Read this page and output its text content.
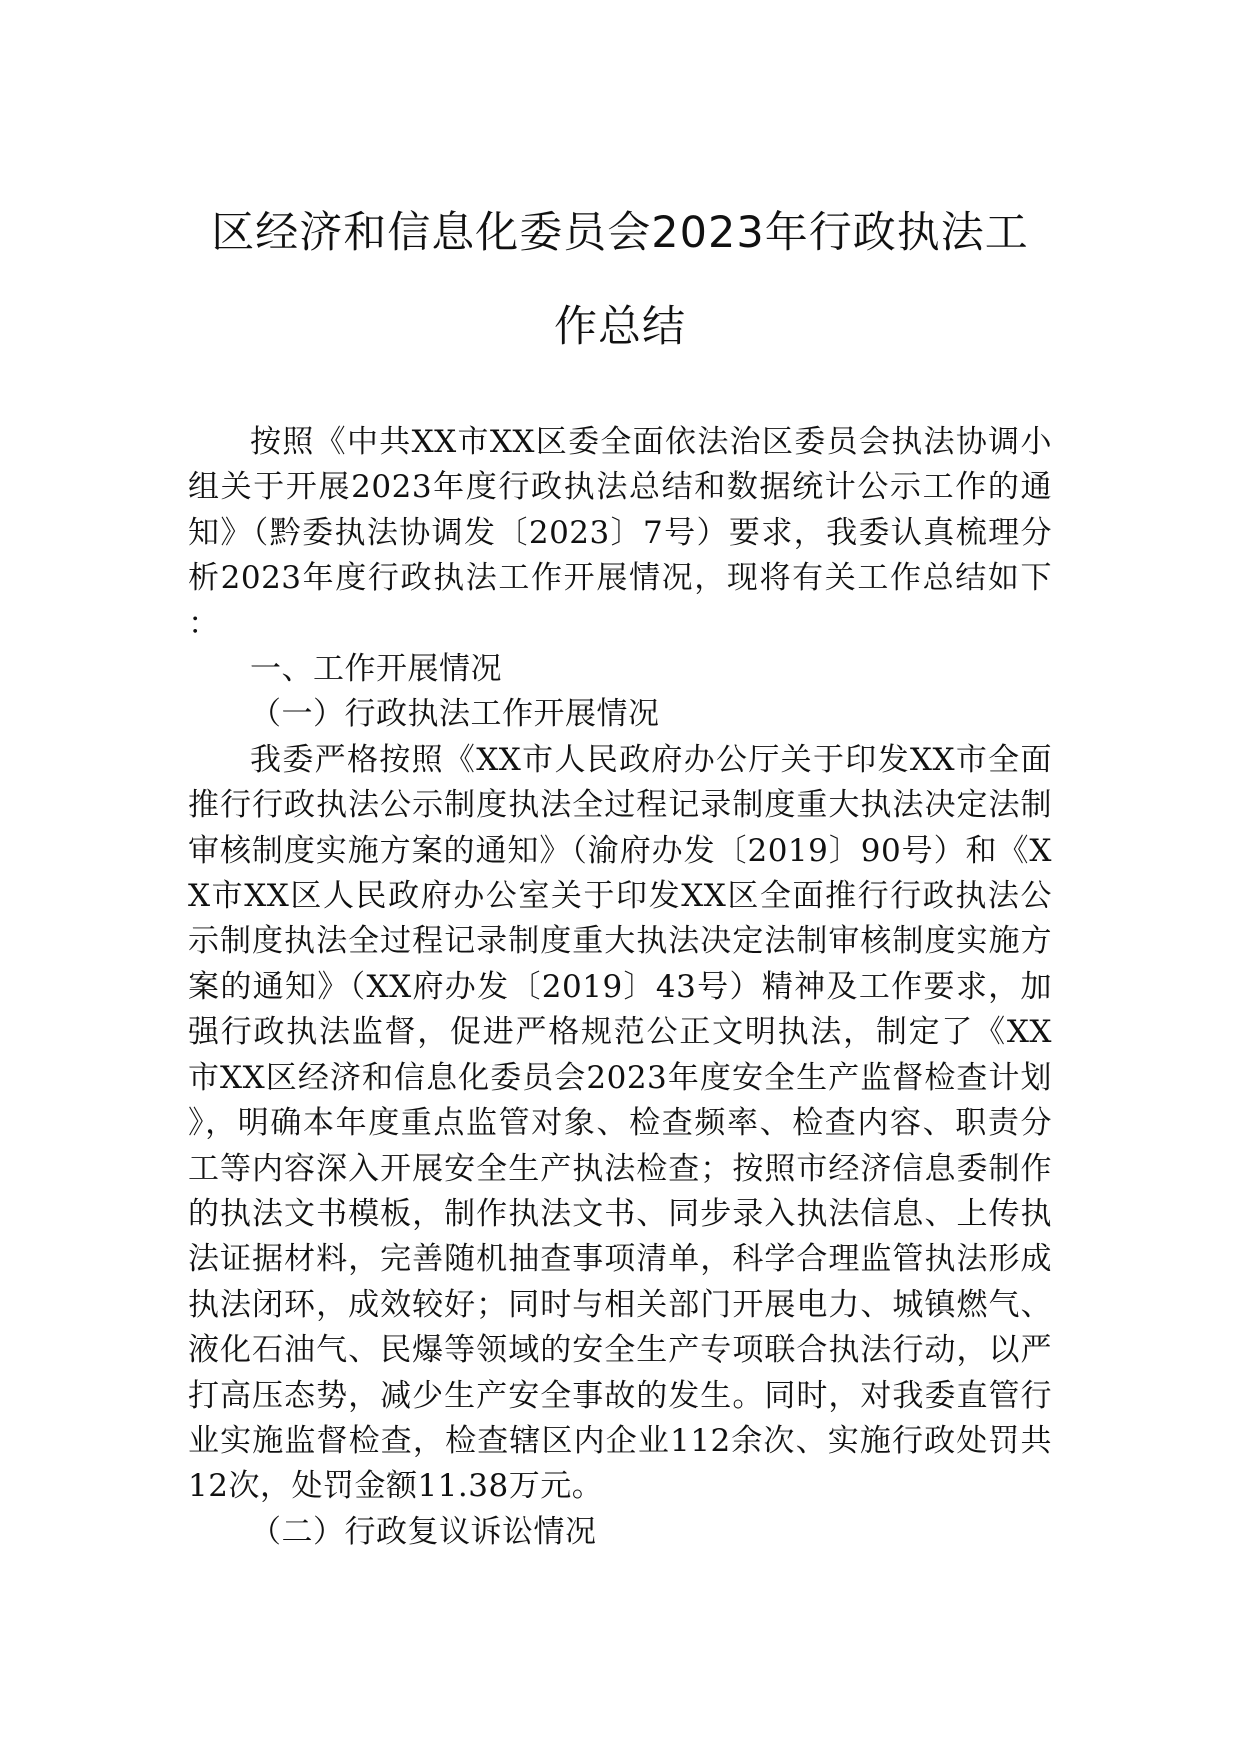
区经济和信息化委员会2023年行政执法工
作总结

按照《中共XX市XX区委全面依法治区委员会执法协调小组关于开展2023年度行政执法总结和数据统计公示工作的通知》（黔委执法协调发〔2023〕7号）要求，我委认真梳理分析2023年度行政执法工作开展情况，现将有关工作总结如下：

一、工作开展情况

（一）行政执法工作开展情况

我委严格按照《XX市人民政府办公厅关于印发XX市全面推行行政执法公示制度执法全过程记录制度重大执法决定法制审核制度实施方案的通知》（渝府办发〔2019〕90号）和《XX市XX区人民政府办公室关于印发XX区全面推行行政执法公示制度执法全过程记录制度重大执法决定法制审核制度实施方案的通知》（XX府办发〔2019〕43号）精神及工作要求，加强行政执法监督，促进严格规范公正文明执法，制定了《XX市XX区经济和信息化委员会2023年度安全生产监督检查计划》，明确本年度重点监管对象、检查频率、检查内容、职责分工等内容深入开展安全生产执法检查；按照市经济信息委制作的执法文书模板，制作执法文书、同步录入执法信息、上传执法证据材料，完善随机抽查事项清单，科学合理监管执法形成执法闭环，成效较好；同时与相关部门开展电力、城镇燃气、液化石油气、民爆等领域的安全生产专项联合执法行动，以严打高压态势，减少生产安全事故的发生。同时，对我委直管行业实施监督检查，检查辖区内企业112余次、实施行政处罚共12次，处罚金额11.38万元。

（二）行政复议诉讼情况
